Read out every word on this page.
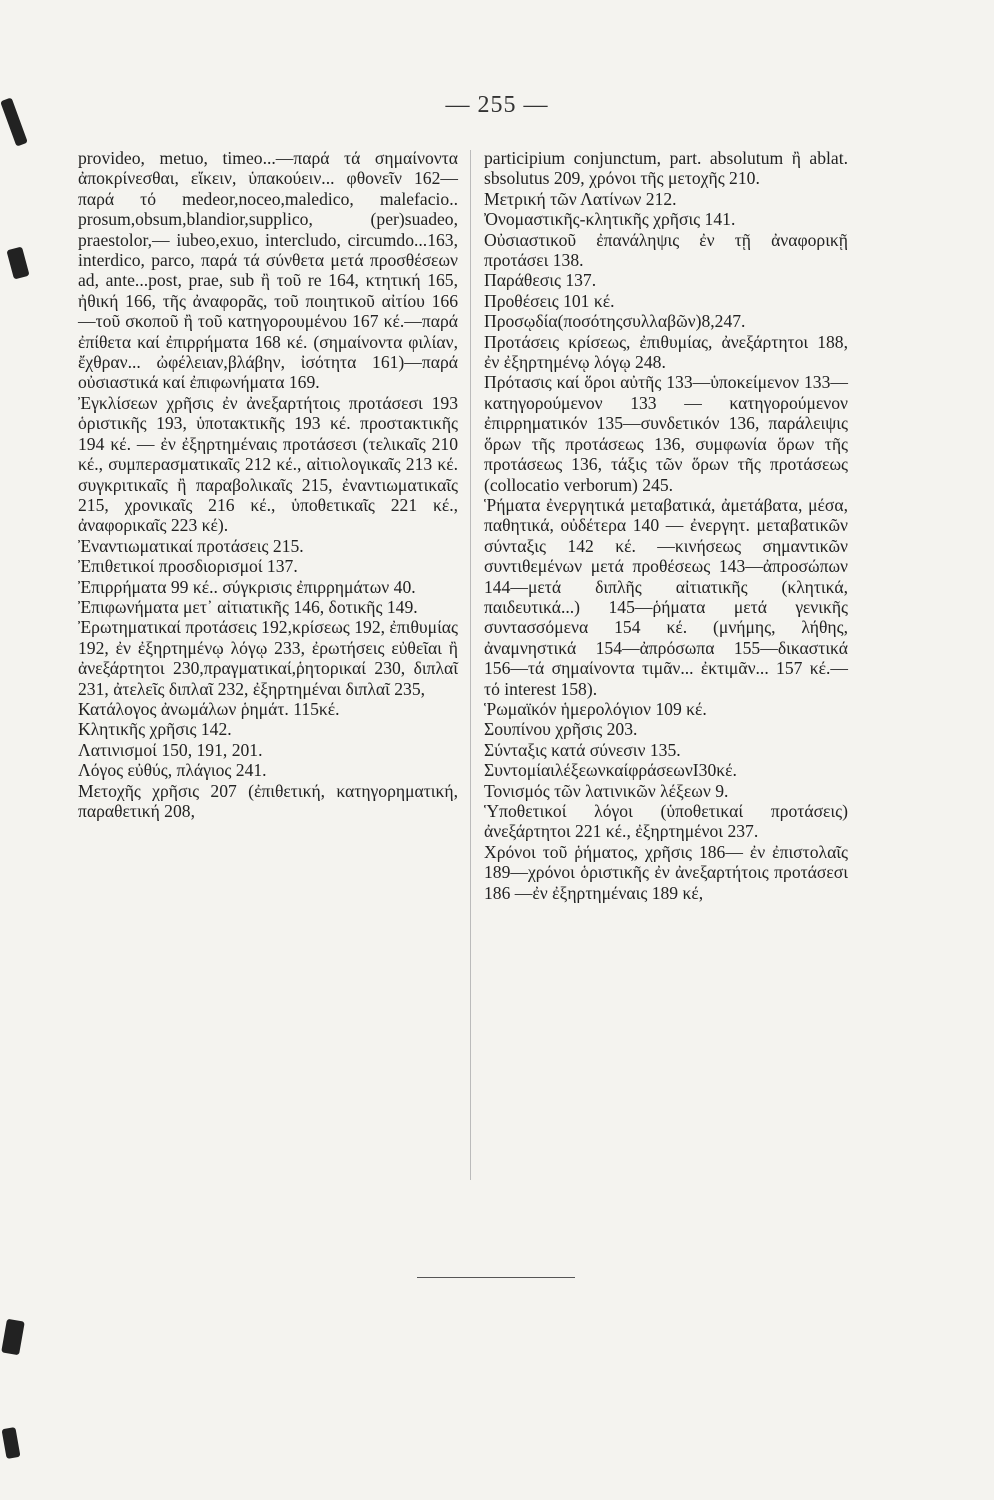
— 255 —

provideo, metuo, timeo...—παρά τά σημαίνοντα ἀποκρίνεσθαι, εἴκειν, ὑπακούειν... φθονεῖν 162— παρά τό medeor,noceo,maledico, malefacio.. prosum,obsum,blandior,supplico, (per)suadeo, praestolor,— iubeo,exuo, intercludo, circumdo...163, interdico, parco, παρά τά σύνθετα μετά προσθέσεων ad, ante...post, prae, sub ἢ τοῦ re 164, κτητική 165, ἠθική 166, τῆς ἀναφορᾶς, τοῦ ποιητικοῦ αἰτίου 166—τοῦ σκοποῦ ἢ τοῦ κατηγορουμένου 167 κέ.—παρά ἐπίθετα καί ἐπιρρήματα 168 κέ. (σημαίνοντα φιλίαν, ἔχθραν... ὠφέλειαν,βλάβην, ἰσότητα 161)—παρά οὐσιαστικά καί ἐπιφωνήματα 169.

Ἐγκλίσεων χρῆσις ἐν ἀνεξαρτήτοις προτάσεσι 193 ὁριστικῆς 193, ὑποτακτικῆς 193 κέ. προστακτικῆς 194 κέ. — ἐν ἐξηρτημέναις προτάσεσι (τελικαῖς 210 κέ., συμπερασματικαῖς 212 κέ., αἰτιολογικαῖς 213 κέ. συγκριτικαῖς ἢ παραβολικαῖς 215, ἐναντιωματικαῖς 215, χρονικαῖς 216 κέ., ὑποθετικαῖς 221 κέ., ἀναφορικαῖς 223 κέ).

Ἐναντιωματικαί προτάσεις 215.

Ἐπιθετικοί προσδιορισμοί 137.

Ἐπιρρήματα 99 κέ.. σύγκρισις ἐπιρρημάτων 40.

Ἐπιφωνήματα μετ᾿ αἰτιατικῆς 146, δοτικῆς 149.

Ἐρωτηματικαί προτάσεις 192,κρίσεως 192, ἐπιθυμίας 192, ἐν ἐξηρτημένῳ λόγῳ 233, ἐρωτήσεις εὐθεῖαι ἢ ἀνεξάρτητοι 230,πραγματικαί,ῥητορικαί 230, διπλαῖ 231, ἀτελεῖς διπλαῖ 232, ἐξηρτημέναι διπλαῖ 235,

Κατάλογος ἀνωμάλων ῥημάτ. 115κέ.

Κλητικῆς χρῆσις 142.

Λατινισμοί 150, 191, 201.

Λόγος εὐθύς, πλάγιος 241.

Μετοχῆς χρῆσις 207 (ἐπιθετική, κατηγορηματική, παραθετική 208,

participium conjunctum, part. absolutum ἢ ablat. sbsolutus 209, χρόνοι τῆς μετοχῆς 210.

Μετρική τῶν Λατίνων 212.

Ὀνομαστικῆς-κλητικῆς χρῆσις 141.

Οὐσιαστικοῦ ἐπανάληψις ἐν τῇ ἀναφορικῇ προτάσει 138.

Παράθεσις 137.

Προθέσεις 101 κέ.

Προσῳδία(ποσότηςσυλλαβῶν)8,247.

Προτάσεις κρίσεως, ἐπιθυμίας, ἀνεξάρτητοι 188, ἐν ἐξηρτημένῳ λόγῳ 248.

Πρότασις καί ὅροι αὐτῆς 133—ὑποκείμενον 133—κατηγορούμενον 133 — κατηγορούμενον ἐπιρρηματικόν 135—συνδετικόν 136, παράλειψις ὅρων τῆς προτάσεως 136, συμφωνία ὅρων τῆς προτάσεως 136, τάξις τῶν ὅρων τῆς προτάσεως (collocatio verborum) 245.

Ῥήματα ἐνεργητικά μεταβατικά, ἀμετάβατα, μέσα, παθητικά, οὐδέτερα 140 — ἐνεργητ. μεταβατικῶν σύνταξις 142 κέ. —κινήσεως σημαντικῶν συντιθεμένων μετά προθέσεως 143—ἀπροσώπων 144—μετά διπλῆς αἰτιατικῆς (κλητικά, παιδευτικά...) 145—ῥήματα μετά γενικῆς συντασσόμενα 154 κέ. (μνήμης, λήθης, ἀναμνηστικά 154—ἀπρόσωπα 155—δικαστικά 156—τά σημαίνοντα τιμᾶν... ἐκτιμᾶν... 157 κέ.—τό interest 158).

Ῥωμαϊκόν ἡμερολόγιον 109 κέ.

Σουπίνου χρῆσις 203.

Σύνταξις κατά σύνεσιν 135.

ΣυντομίαιλέξεωνκαίφράσεωνΙ30κέ.

Τονισμός τῶν λατινικῶν λέξεων 9.

Ὑποθετικοί λόγοι (ὑποθετικαί προτάσεις) ἀνεξάρτητοι 221 κέ., ἐξηρτημένοι 237.

Χρόνοι τοῦ ῥήματος, χρῆσις 186— ἐν ἐπιστολαῖς 189—χρόνοι ὁριστικῆς ἐν ἀνεξαρτήτοις προτάσεσι 186 —ἐν ἐξηρτημέναις 189 κέ,
